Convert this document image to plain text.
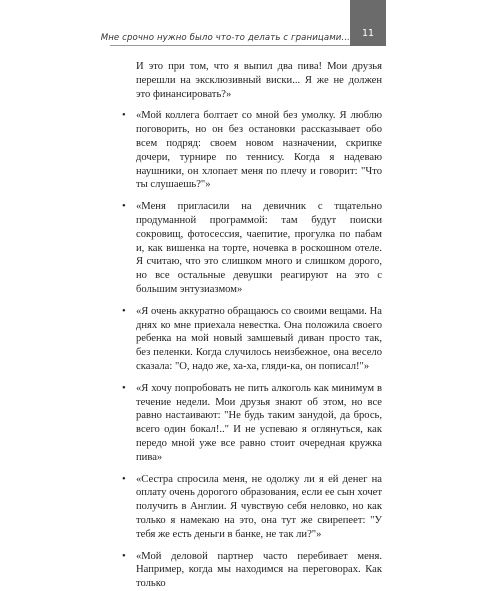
Мне срочно нужно было что-то делать с границами... 11

И это при том, что я выпил два пива! Мои друзья перешли на эксклюзивный виски... Я же не должен это финансировать?»

• «Мой коллега болтает со мной без умолку. Я люблю поговорить, но он без остановки рассказывает обо всем подряд: своем новом назначении, скрипке дочери, турнире по теннису. Когда я надеваю наушники, он хлопает меня по плечу и говорит: "Что ты слушаешь?"»
• «Меня пригласили на девичник с тщательно продуманной программой: там будут поиски сокровищ, фотосессия, чаепитие, прогулка по пабам и, как вишенка на торте, ночевка в роскошном отеле. Я считаю, что это слишком много и слишком дорого, но все остальные девушки реагируют на это с большим энтузиазмом»
• «Я очень аккуратно обращаюсь со своими вещами. На днях ко мне приехала невестка. Она положила своего ребенка на мой новый замшевый диван просто так, без пеленки. Когда случилось неизбежное, она весело сказала: "О, надо же, ха-ха, гляди-ка, он пописал!"»
• «Я хочу попробовать не пить алкоголь как минимум в течение недели. Мои друзья знают об этом, но все равно настаивают: "Не будь таким занудой, да брось, всего один бокал!.." И не успеваю я оглянуться, как передо мной уже все равно стоит очередная кружка пива»
• «Сестра спросила меня, не одолжу ли я ей денег на оплату очень дорогого образования, если ее сын хочет получить в Англии. Я чувствую себя неловко, но как только я намекаю на это, она тут же свирепеет: "У тебя же есть деньги в банке, не так ли?"»
• «Мой деловой партнер часто перебивает меня. Например, когда мы находимся на переговорах. Как только
